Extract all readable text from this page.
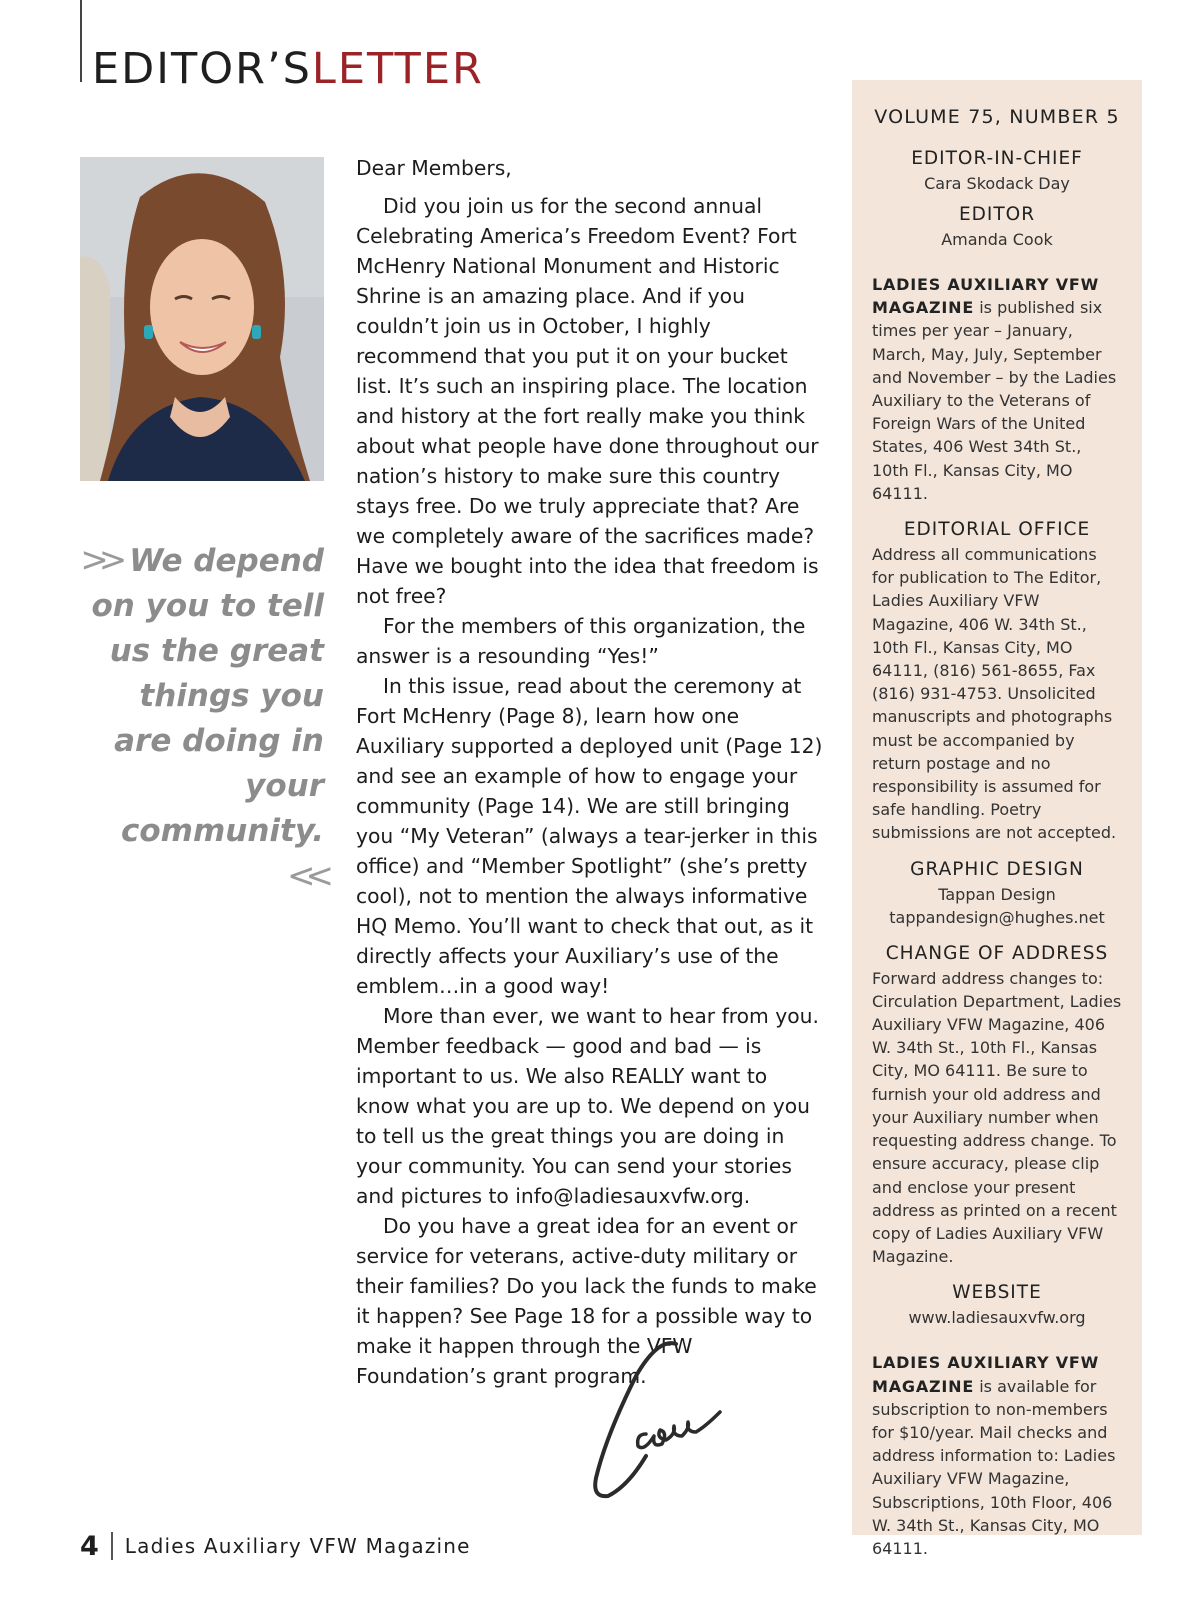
EDITOR’SLETTER
>> We depend on you to tell us the great things you are doing in your community.<<

Dear Members,

Did you join us for the second annual Celebrating America’s Freedom Event? Fort McHenry National Monument and Historic Shrine is an amazing place. And if you couldn’t join us in October, I highly recommend that you put it on your bucket list. It’s such an inspiring place. The location and history at the fort really make you think about what people have done throughout our nation’s history to make sure this country stays free. Do we truly appreciate that? Are we completely aware of the sacrifices made? Have we bought into the idea that freedom is not free?

For the members of this organization, the answer is a resounding “Yes!”

In this issue, read about the ceremony at Fort McHenry (Page 8), learn how one Auxiliary supported a deployed unit (Page 12) and see an example of how to engage your community (Page 14). We are still bringing you “My Veteran” (always a tear-jerker in this office) and “Member Spotlight” (she’s pretty cool), not to mention the always informative HQ Memo. You’ll want to check that out, as it directly affects your Auxiliary’s use of the emblem…in a good way!

More than ever, we want to hear from you. Member feedback — good and bad — is important to us. We also REALLY want to know what you are up to. We depend on you to tell us the great things you are doing in your community. You can send your stories and pictures to info@ladiesauxvfw.org.

Do you have a great idea for an event or service for veterans, active-duty military or their families? Do you lack the funds to make it happen? See Page 18 for a possible way to make it happen through the VFW Foundation’s grant program.

VOLUME 75, NUMBER 5
EDITOR-IN-CHIEF
Cara Skodack Day
EDITOR
Amanda Cook
LADIES AUXILIARY VFW MAGAZINE is published six times per year – January, March, May, July, September and November – by the Ladies Auxiliary to the Veterans of Foreign Wars of the United States, 406 West 34th St., 10th Fl., Kansas City, MO 64111.
EDITORIAL OFFICE
Address all communications for publication to The Editor, Ladies Auxiliary VFW Magazine, 406 W. 34th St., 10th Fl., Kansas City, MO 64111, (816) 561-8655, Fax (816) 931-4753. Unsolicited manuscripts and photographs must be accompanied by return postage and no responsibility is assumed for safe handling. Poetry submissions are not accepted.
GRAPHIC DESIGN
Tappan Design
tappandesign@hughes.net
CHANGE OF ADDRESS
Forward address changes to: Circulation Department, Ladies Auxiliary VFW Magazine, 406 W. 34th St., 10th Fl., Kansas City, MO 64111. Be sure to furnish your old address and your Auxiliary number when requesting address change. To ensure accuracy, please clip and enclose your present address as printed on a recent copy of Ladies Auxiliary VFW Magazine.
WEBSITE
www.ladiesauxvfw.org
LADIES AUXILIARY VFW MAGAZINE is available for subscription to non-members for $10/year. Mail checks and address information to: Ladies Auxiliary VFW Magazine, Subscriptions, 10th Floor, 406 W. 34th St., Kansas City, MO 64111.
4 Ladies Auxiliary VFW Magazine
